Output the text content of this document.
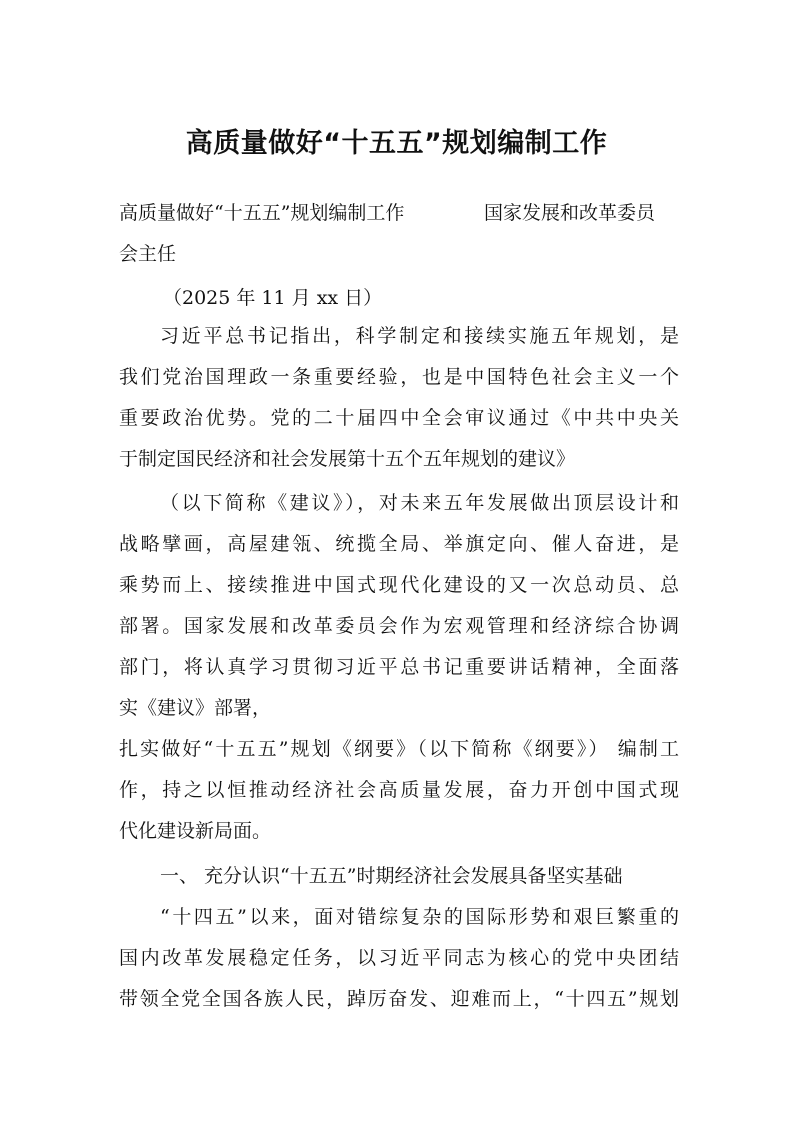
高质量做好“十五五”规划编制工作
高质量做好“十五五”规划编制工作	国家发展和改革委员
会主任
（2025 年 11 月 xx 日）
习近平总书记指出，科学制定和接续实施五年规划，是
我们党治国理政一条重要经验，也是中国特色社会主义一个
重要政治优势。党的二十届四中全会审议通过《中共中央关
于制定国民经济和社会发展第十五个五年规划的建议》
（以下简称《建议》），对未来五年发展做出顶层设计和
战略擘画，高屋建瓴、统揽全局、举旗定向、催人奋进，是
乘势而上、接续推进中国式现代化建设的又一次总动员、总
部署。国家发展和改革委员会作为宏观管理和经济综合协调
部门，将认真学习贯彻习近平总书记重要讲话精神，全面落
实《建议》部署，
扎实做好“十五五”规划《纲要》（以下简称《纲要》） 编制工
作，持之以恒推动经济社会高质量发展，奋力开创中国式现
代化建设新局面。
一、 充分认识“十五五”时期经济社会发展具备坚实基础
“十四五”以来，面对错综复杂的国际形势和艰巨繁重的
国内改革发展稳定任务，以习近平同志为核心的党中央团结
带领全党全国各族人民，踔厉奋发、迎难而上，“十四五”规划
